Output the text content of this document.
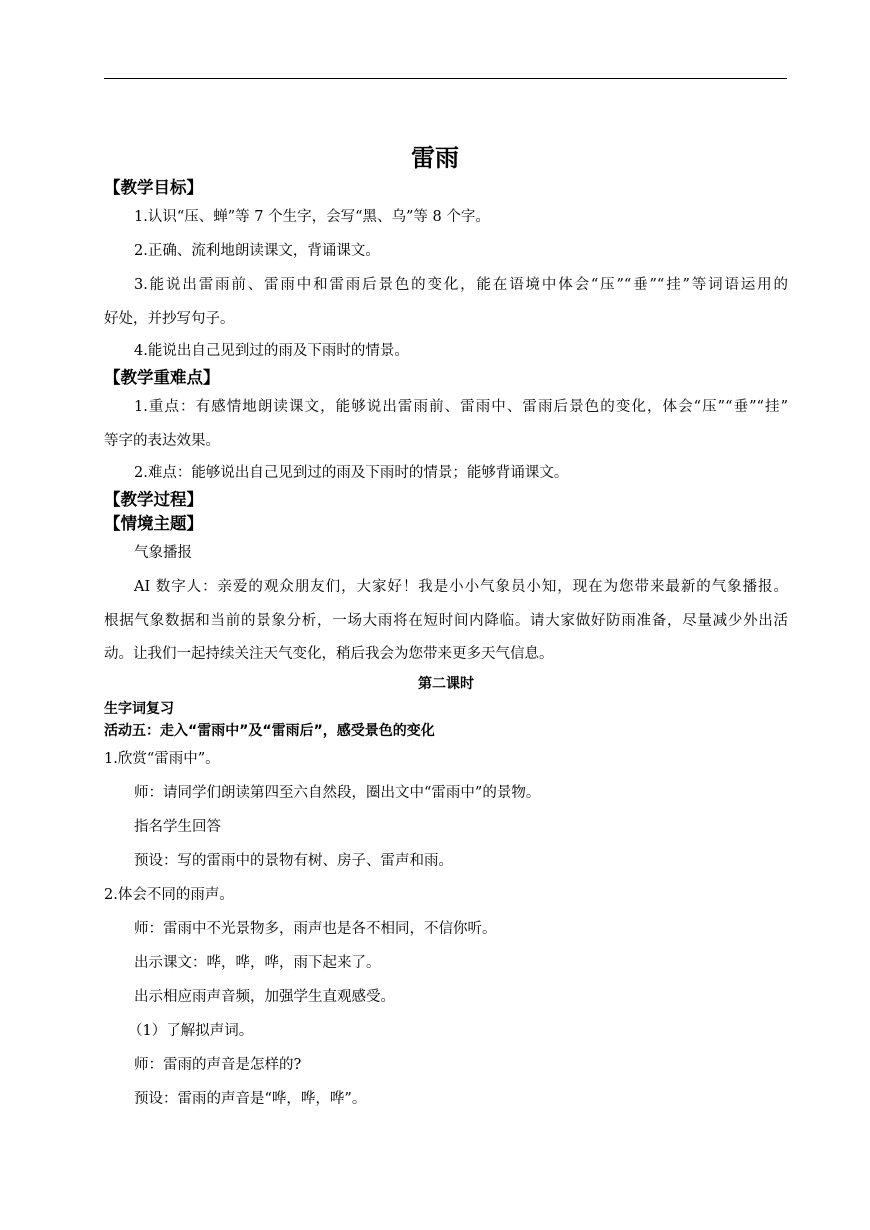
雷雨
【教学目标】
1.认识“压、蝉”等 7 个生字，会写“黑、乌”等 8 个字。
2.正确、流利地朗读课文，背诵课文。
3.能说出雷雨前、雷雨中和雷雨后景色的变化，能在语境中体会“压”“垂”“挂”等词语运用的
好处，并抄写句子。
4.能说出自己见到过的雨及下雨时的情景。
【教学重难点】
1.重点：有感情地朗读课文，能够说出雷雨前、雷雨中、雷雨后景色的变化，体会“压”“垂”“挂”
等字的表达效果。
2.难点：能够说出自己见到过的雨及下雨时的情景；能够背诵课文。
【教学过程】
【情境主题】
气象播报
AI 数字人：亲爱的观众朋友们，大家好！我是小小气象员小知，现在为您带来最新的气象播报。
根据气象数据和当前的景象分析，一场大雨将在短时间内降临。请大家做好防雨准备，尽量减少外出活
动。让我们一起持续关注天气变化，稍后我会为您带来更多天气信息。
第二课时
生字词复习
活动五：走入“雷雨中”及“雷雨后”，感受景色的变化
1.欣赏“雷雨中”。
师：请同学们朗读第四至六自然段，圈出文中“雷雨中”的景物。
指名学生回答
预设：写的雷雨中的景物有树、房子、雷声和雨。
2.体会不同的雨声。
师：雷雨中不光景物多，雨声也是各不相同，不信你听。
出示课文：哗，哗，哗，雨下起来了。
出示相应雨声音频，加强学生直观感受。
（1）了解拟声词。
师：雷雨的声音是怎样的?
预设：雷雨的声音是“哗，哗，哗”。
